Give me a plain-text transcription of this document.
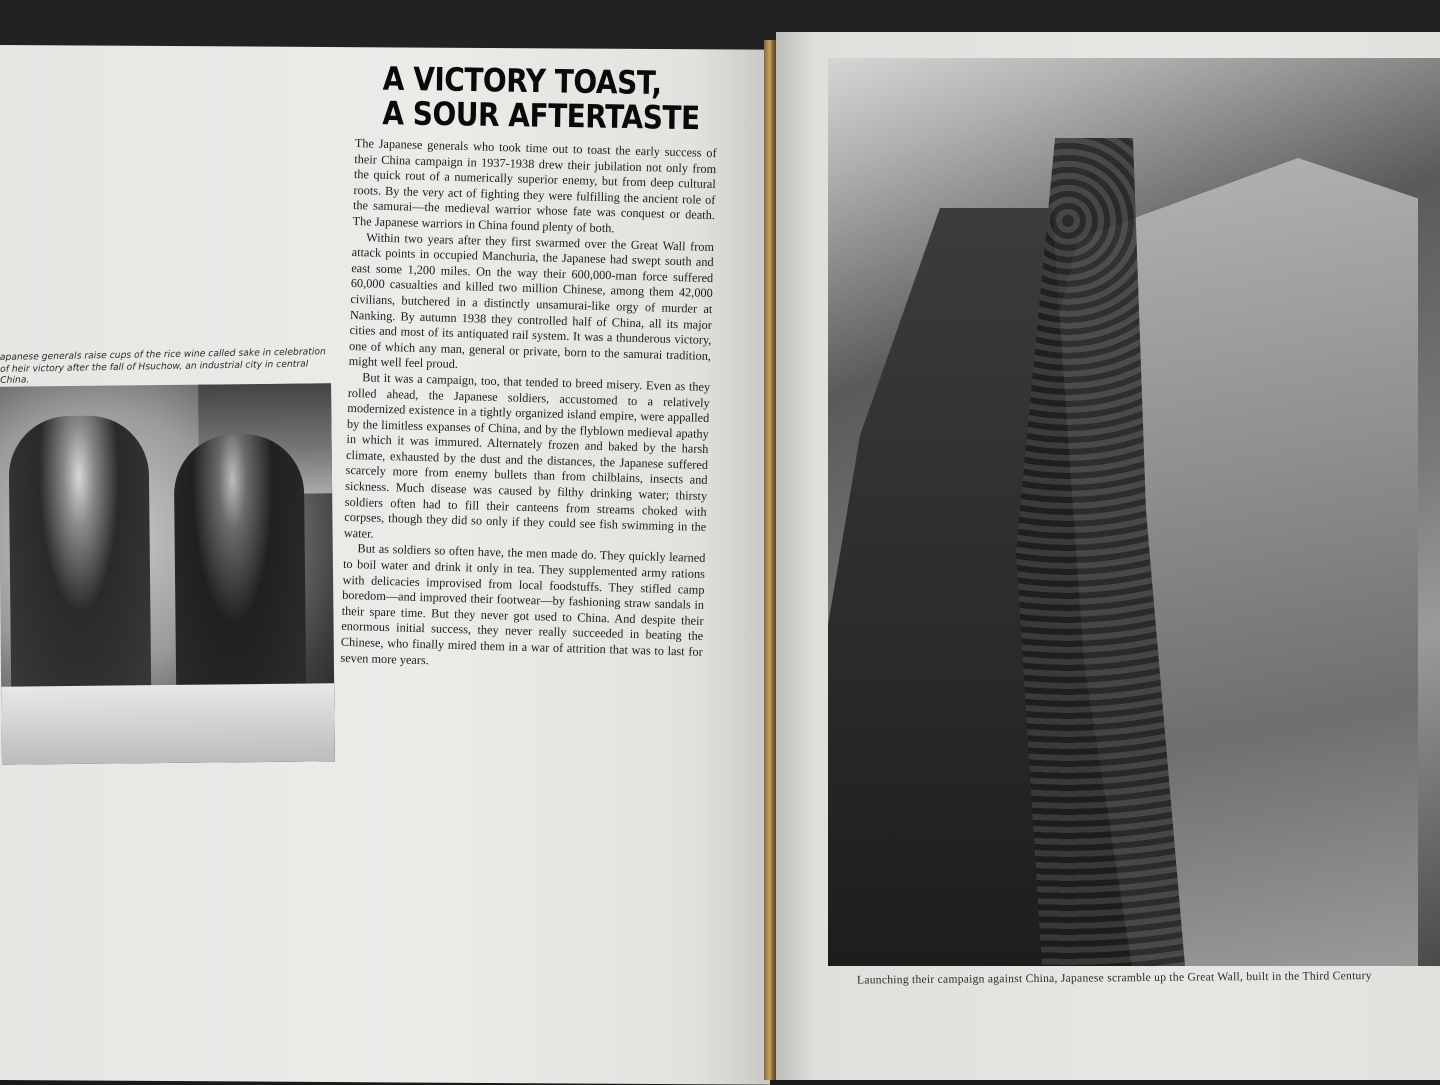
apanese generals raise cups of the rice wine called sake in celebration of heir victory after the fall of Hsuchow, an industrial city in central China.
A VICTORY TOAST,
A SOUR AFTERTASTE

The Japanese generals who took time out to toast the early success of their China campaign in 1937-1938 drew their jubilation not only from the quick rout of a numerically superior enemy, but from deep cultural roots. By the very act of fighting they were fulfilling the ancient role of the samurai—the medieval warrior whose fate was conquest or death. The Japanese warriors in China found plenty of both.

Within two years after they first swarmed over the Great Wall from attack points in occupied Manchuria, the Japanese had swept south and east some 1,200 miles. On the way their 600,000-man force suffered 60,000 casualties and killed two million Chinese, among them 42,000 civilians, butchered in a distinctly unsamurai-like orgy of murder at Nanking. By autumn 1938 they controlled half of China, all its major cities and most of its antiquated rail system. It was a thunderous victory, one of which any man, general or private, born to the samurai tradition, might well feel proud.

But it was a campaign, too, that tended to breed misery. Even as they rolled ahead, the Japanese soldiers, accustomed to a relatively modernized existence in a tightly organized island empire, were appalled by the limitless expanses of China, and by the flyblown medieval apathy in which it was immured. Alternately frozen and baked by the harsh climate, exhausted by the dust and the distances, the Japanese suffered scarcely more from enemy bullets than from chilblains, insects and sickness. Much disease was caused by filthy drinking water; thirsty soldiers often had to fill their canteens from streams choked with corpses, though they did so only if they could see fish swimming in the water.

But as soldiers so often have, the men made do. They quickly learned to boil water and drink it only in tea. They supplemented army rations with delicacies improvised from local foodstuffs. They stifled camp boredom—and improved their footwear—by fashioning straw sandals in their spare time. But they never got used to China. And despite their enormous initial success, they never really succeeded in beating the Chinese, who finally mired them in a war of attrition that was to last for seven more years.

Launching their campaign against China, Japanese scramble up the Great Wall, built in the Third Century
